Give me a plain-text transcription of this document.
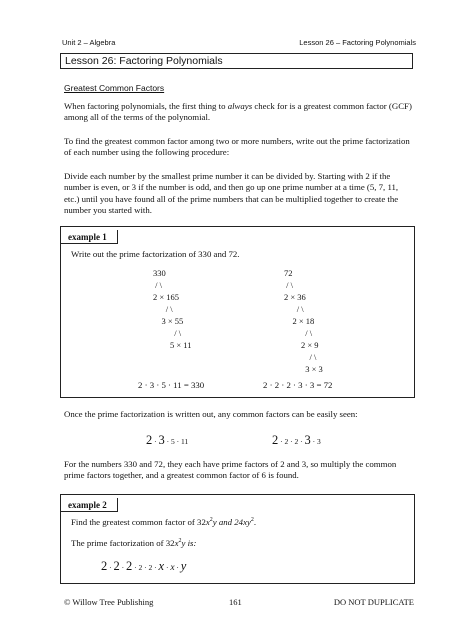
Unit 2 – Algebra	Lesson 26 – Factoring Polynomials
Lesson 26: Factoring Polynomials
Greatest Common Factors

When factoring polynomials, the first thing to always check for is a greatest common factor (GCF) among all of the terms of the polynomial.

To find the greatest common factor among two or more numbers, write out the prime factorization of each number using the following procedure:

Divide each number by the smallest prime number it can be divided by. Starting with 2 if the number is even, or 3 if the number is odd, and then go up one prime number at a time (5, 7, 11, etc.) until you have found all of the prime numbers that can be multiplied together to create the number you started with.

example 1
Write out the prime factorization of 330 and 72.
330
/ \
2 × 165
/ \
3 × 55
/ \
5 × 11
72
/ \
2 × 36
/ \
2 × 18
/ \
2 × 9
/ \
3 × 3
2 · 3 · 5 · 11 = 330	2 · 2 · 2 · 3 · 3 = 72

Once the prime factorization is written out, any common factors can be easily seen:

2 · 3 · 5 · 11	2 · 2 · 2 · 3 · 3

For the numbers 330 and 72, they each have prime factors of 2 and 3, so multiply the common prime factors together, and a greatest common factor of 6 is found.

example 2
Find the greatest common factor of $32x^2y$ and $24xy^2$.
The prime factorization of $32x^2y$ is:
2 · 2 · 2 · 2 · 2 · x · x · y
© Willow Tree Publishing	161	DO NOT DUPLICATE
